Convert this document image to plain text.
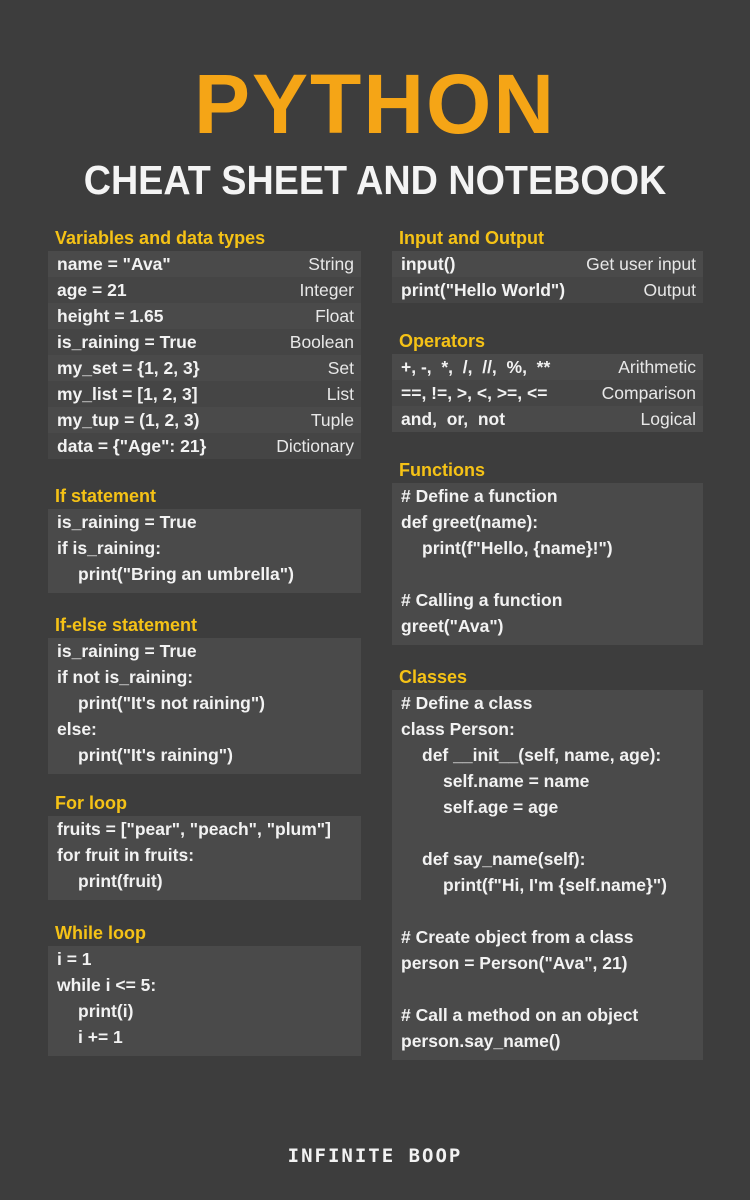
PYTHON
CHEAT SHEET AND NOTEBOOK
Variables and data types
name = "Ava"	String
age = 21	Integer
height = 1.65	Float
is_raining = True	Boolean
my_set = {1, 2, 3}	Set
my_list = [1, 2, 3]	List
my_tup = (1, 2, 3)	Tuple
data = {"Age": 21}	Dictionary
If statement
is_raining = True
if is_raining:
print("Bring an umbrella")
If-else statement
is_raining = True
if not is_raining:
print("It's not raining")
else:
print("It's raining")
For loop
fruits = ["pear", "peach", "plum"]
for fruit in fruits:
print(fruit)
While loop
i = 1
while i <= 5:
print(i)
i += 1
Input and Output
input()	Get user input
print("Hello World")	Output
Operators
+, -,  *,  /,  //,  %,  **	Arithmetic
==, !=, >, <, >=, <=	Comparison
and,  or,  not	Logical
Functions
# Define a function
def greet(name):
print(f"Hello, {name}!")
# Calling a function
greet("Ava")
Classes
# Define a class
class Person:
def __init__(self, name, age):
self.name = name
self.age = age
def say_name(self):
print(f"Hi, I'm {self.name}")
# Create object from a class
person = Person("Ava", 21)
# Call a method on an object
person.say_name()
INFINITE BOOP
